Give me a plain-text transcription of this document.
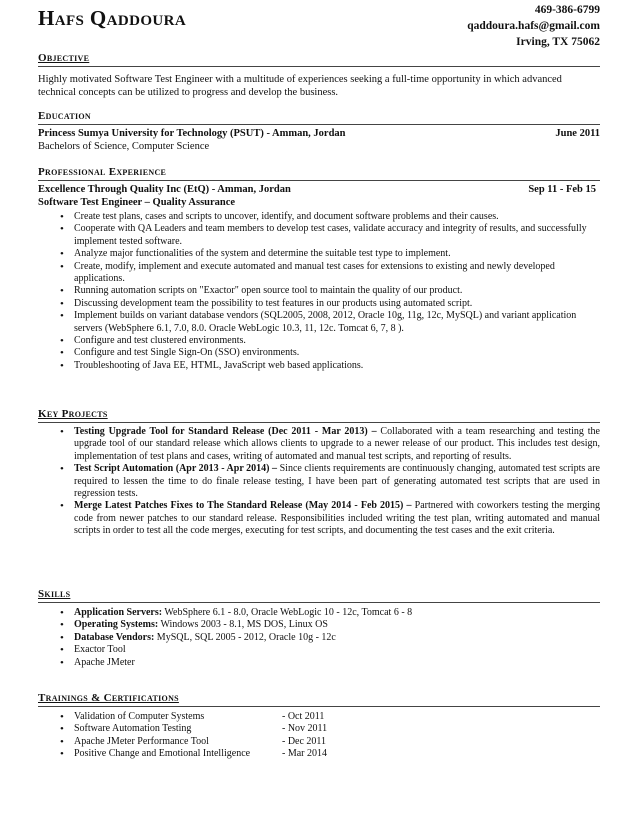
Hafs Qaddoura	469-386-6799
qaddoura.hafs@gmail.com
Irving, TX 75062
Objective
Highly motivated Software Test Engineer with a multitude of experiences seeking a full-time opportunity in which advanced technical concepts can be utilized to progress and develop the business.
Education
Princess Sumya University for Technology (PSUT) - Amman, Jordan	June 2011
Bachelors of Science, Computer Science
Professional Experience
Excellence Through Quality Inc (EtQ) - Amman, Jordan	Sep 11 - Feb 15
Software Test Engineer – Quality Assurance
• Create test plans, cases and scripts to uncover, identify, and document software problems and their causes.
• Cooperate with QA Leaders and team members to develop test cases, validate accuracy and integrity of results, and successfully implement tested software.
• Analyze major functionalities of the system and determine the suitable test type to implement.
• Create, modify, implement and execute automated and manual test cases for extensions to existing and newly developed applications.
• Running automation scripts on "Exactor" open source tool to maintain the quality of our product.
• Discussing development team the possibility to test features in our products using automated script.
• Implement builds on variant database vendors (SQL2005, 2008, 2012, Oracle 10g, 11g, 12c, MySQL) and variant application servers (WebSphere 6.1, 7.0, 8.0. Oracle WebLogic 10.3, 11, 12c. Tomcat 6, 7, 8 ).
• Configure and test clustered environments.
• Configure and test Single Sign-On (SSO) environments.
• Troubleshooting of Java EE, HTML, JavaScript web based applications.
Key Projects
• Testing Upgrade Tool for Standard Release (Dec 2011 - Mar 2013) – Collaborated with a team researching and testing the upgrade tool of our standard release which allows clients to upgrade to a newer release of our product. This includes test design, implementation of test plans and cases, writing of automated and manual test scripts, and reporting of results.
• Test Script Automation (Apr 2013 - Apr 2014) – Since clients requirements are continuously changing, automated test scripts are required to lessen the time to do finale release testing, I have been part of generating automated test scripts that are used in regression tests.
• Merge Latest Patches Fixes to The Standard Release (May 2014 - Feb 2015) – Partnered with coworkers testing the merging code from newer patches to our standard release. Responsibilities included writing the test plan, writing automated and manual scripts in order to test all the code merges, executing for test scripts, and documenting the test cases and the exit criteria.
Skills
• Application Servers: WebSphere 6.1 - 8.0, Oracle WebLogic 10 - 12c, Tomcat 6 - 8
• Operating Systems: Windows 2003 - 8.1, MS DOS, Linux OS
• Database Vendors: MySQL, SQL 2005 - 2012, Oracle 10g - 12c
• Exactor Tool
• Apache JMeter
Trainings & Certifications
• Validation of Computer Systems	- Oct 2011
• Software Automation Testing	- Nov 2011
• Apache JMeter Performance Tool	- Dec 2011
• Positive Change and Emotional Intelligence	- Mar 2014
